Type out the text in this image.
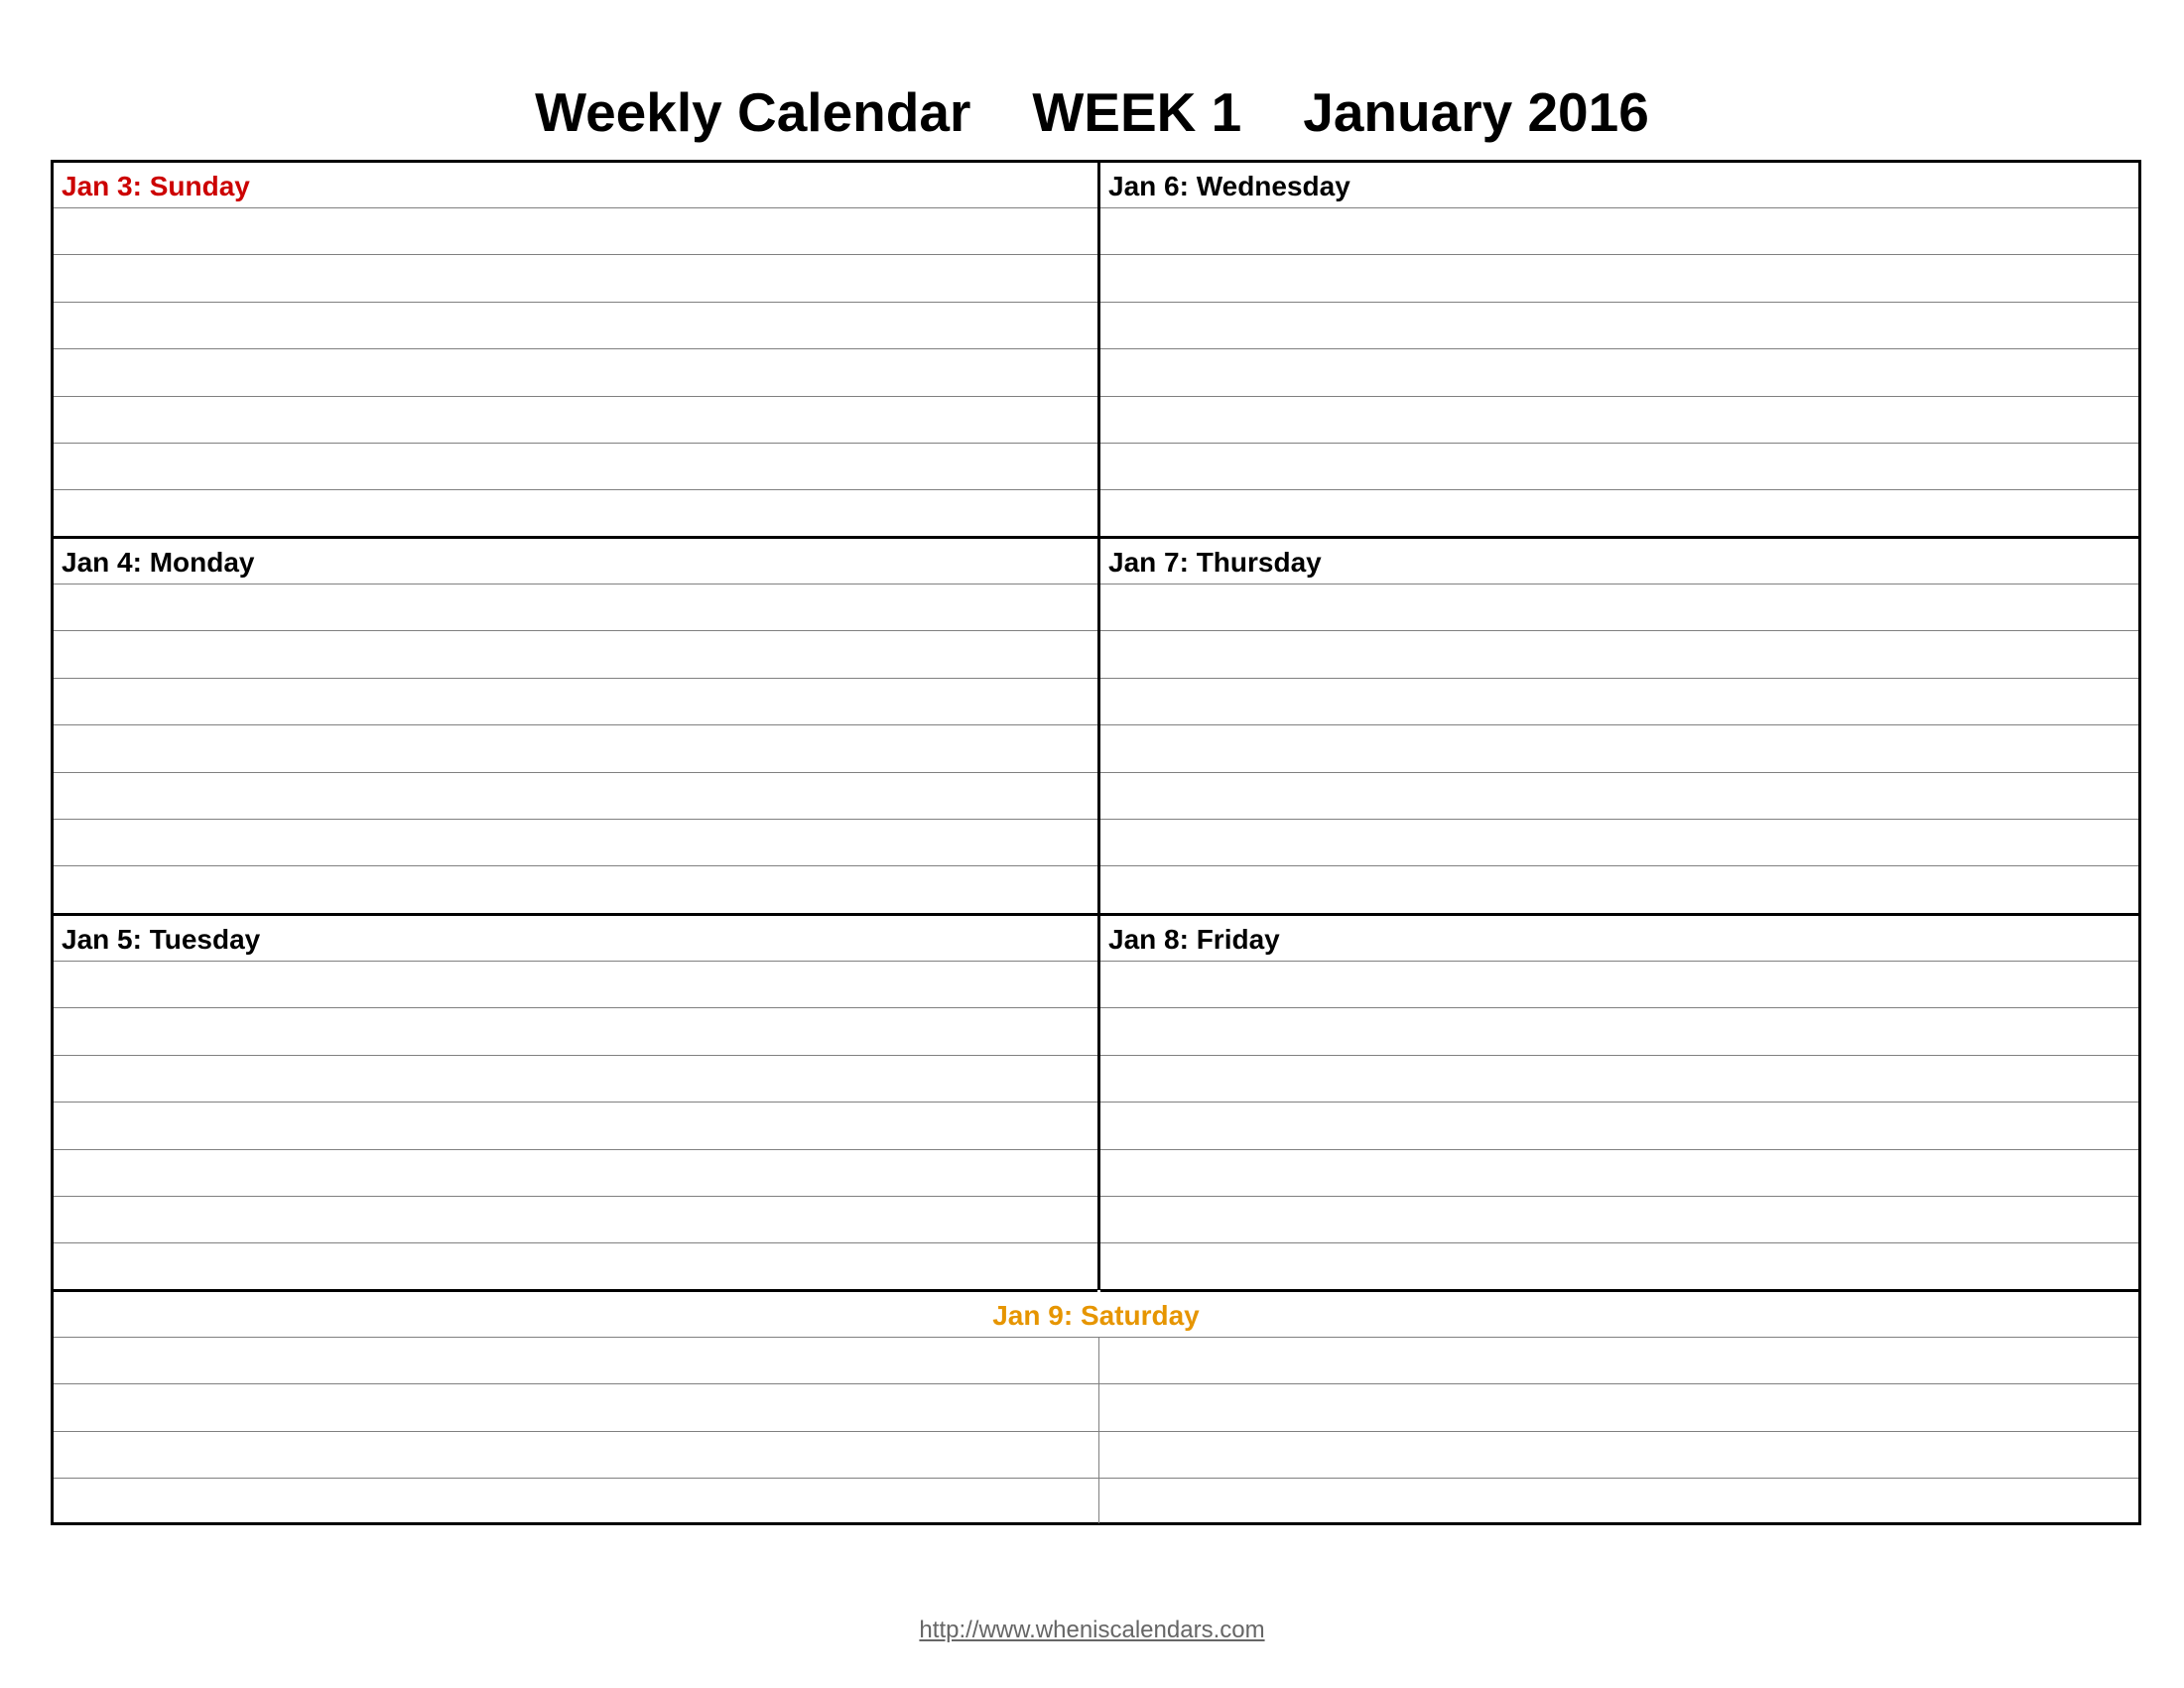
Weekly Calendar WEEK 1 January 2016
Jan 3: Sunday	Jan 6: Wednesday
Jan 4: Monday	Jan 7: Thursday
Jan 5: Tuesday	Jan 8: Friday
Jan 9: Saturday
http://www.wheniscalendars.com
